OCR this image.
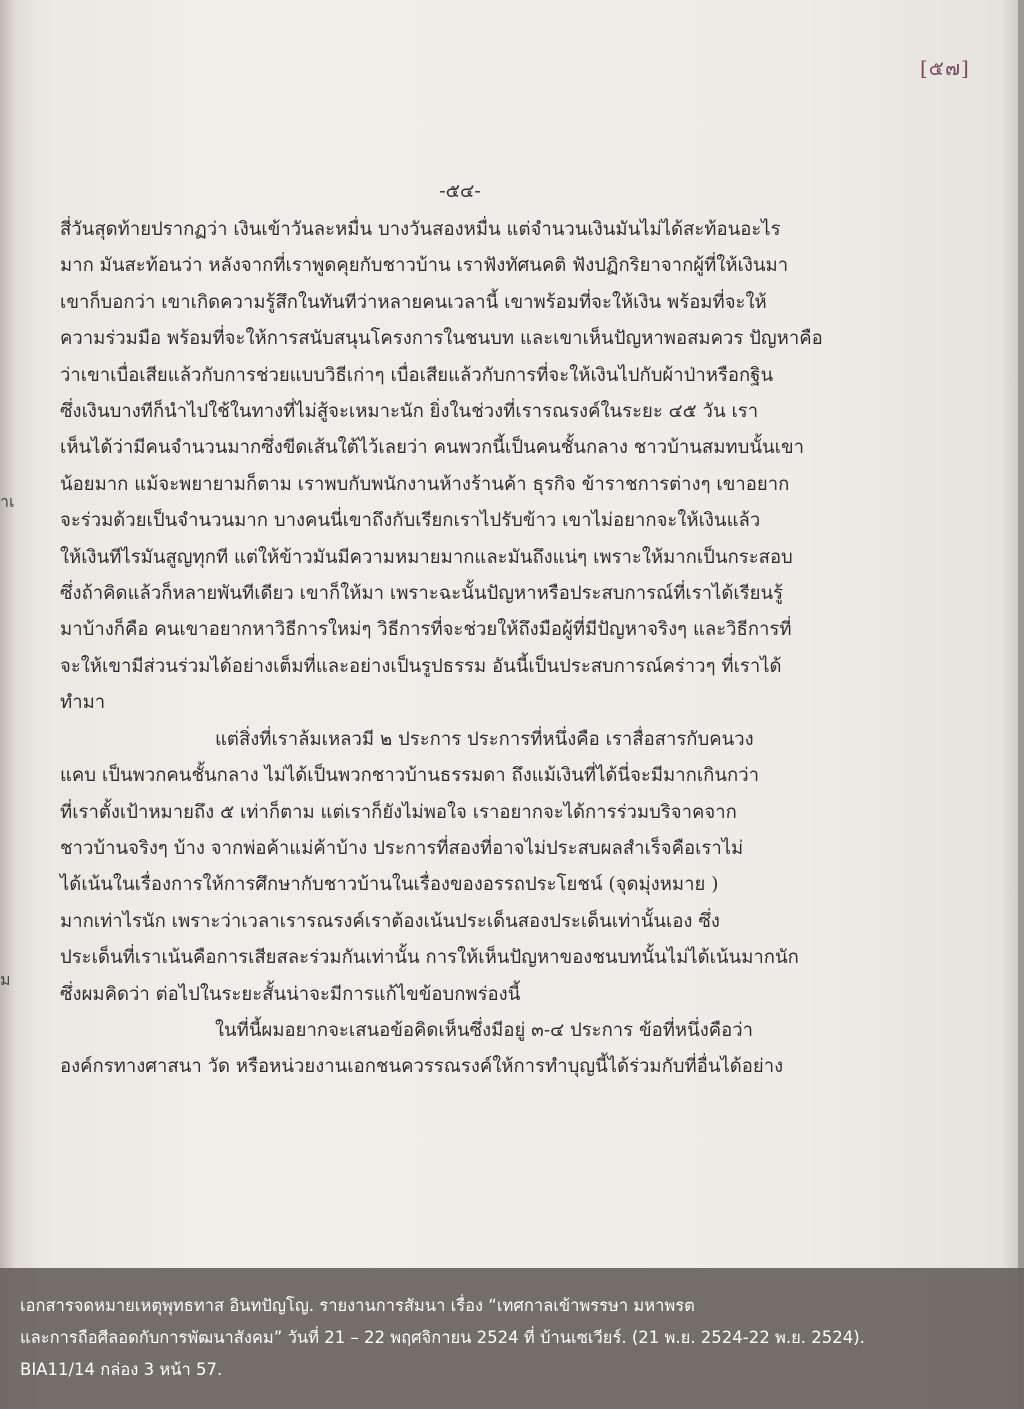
าเ
ม
[๕๗]
-๕๔-
สี่วันสุดท้ายปรากฏว่า เงินเข้าวันละหมื่น บางวันสองหมื่น แต่จำนวนเงินมันไม่ได้สะท้อนอะไร
มาก มันสะท้อนว่า หลังจากที่เราพูดคุยกับชาวบ้าน เราฟังทัศนคติ ฟังปฏิกริยาจากผู้ที่ให้เงินมา
เขาก็บอกว่า เขาเกิดความรู้สึกในทันทีว่าหลายคนเวลานี้ เขาพร้อมที่จะให้เงิน พร้อมที่จะให้
ความร่วมมือ พร้อมที่จะให้การสนับสนุนโครงการในชนบท และเขาเห็นปัญหาพอสมควร ปัญหาคือ
ว่าเขาเบื่อเสียแล้วกับการช่วยแบบวิธีเก่าๆ เบื่อเสียแล้วกับการที่จะให้เงินไปกับผ้าป่าหรือกฐิน
ซึ่งเงินบางทีก็นำไปใช้ในทางที่ไม่สู้จะเหมาะนัก ยิ่งในช่วงที่เรารณรงค์ในระยะ ๔๕ วัน เรา
เห็นได้ว่ามีคนจำนวนมากซึ่งขีดเส้นใต้ไว้เลยว่า คนพวกนี้เป็นคนชั้นกลาง ชาวบ้านสมทบนั้นเขา
น้อยมาก แม้จะพยายามก็ตาม เราพบกับพนักงานห้างร้านค้า ธุรกิจ ข้าราชการต่างๆ เขาอยาก
จะร่วมด้วยเป็นจำนวนมาก บางคนนี่เขาถึงกับเรียกเราไปรับข้าว เขาไม่อยากจะให้เงินแล้ว
ให้เงินทีไรมันสูญทุกที แต่ให้ข้าวมันมีความหมายมากและมันถึงแน่ๆ เพราะให้มากเป็นกระสอบ
ซึ่งถ้าคิดแล้วก็หลายพันทีเดียว เขาก็ให้มา เพราะฉะนั้นปัญหาหรือประสบการณ์ที่เราได้เรียนรู้
มาบ้างก็คือ คนเขาอยากหาวิธีการใหม่ๆ วิธีการที่จะช่วยให้ถึงมือผู้ที่มีปัญหาจริงๆ และวิธีการที่
จะให้เขามีส่วนร่วมได้อย่างเต็มที่และอย่างเป็นรูปธรรม อันนี้เป็นประสบการณ์คร่าวๆ ที่เราได้
ทำมา
แต่สิ่งที่เราล้มเหลวมี ๒ ประการ ประการที่หนึ่งคือ เราสื่อสารกับคนวง
แคบ เป็นพวกคนชั้นกลาง ไม่ได้เป็นพวกชาวบ้านธรรมดา ถึงแม้เงินที่ได้นี่จะมีมากเกินกว่า
ที่เราตั้งเป้าหมายถึง ๕ เท่าก็ตาม แต่เราก็ยังไม่พอใจ เราอยากจะได้การร่วมบริจาคจาก
ชาวบ้านจริงๆ บ้าง จากพ่อค้าแม่ค้าบ้าง ประการที่สองที่อาจไม่ประสบผลสำเร็จคือเราไม่
ได้เน้นในเรื่องการให้การศึกษากับชาวบ้านในเรื่องของอรรถประโยชน์ (จุดมุ่งหมาย )
มากเท่าไรนัก เพราะว่าเวลาเรารณรงค์เราต้องเน้นประเด็นสองประเด็นเท่านั้นเอง ซึ่ง
ประเด็นที่เราเน้นคือการเสียสละร่วมกันเท่านั้น การให้เห็นปัญหาของชนบทนั้นไม่ได้เน้นมากนัก
ซึ่งผมคิดว่า ต่อไปในระยะสั้นน่าจะมีการแก้ไขข้อบกพร่องนี้
ในที่นี้ผมอยากจะเสนอข้อคิดเห็นซึ่งมีอยู่ ๓-๔ ประการ ข้อที่หนึ่งคือว่า
องค์กรทางศาสนา วัด หรือหน่วยงานเอกชนควรรณรงค์ให้การทำบุญนี้ได้ร่วมกับที่อื่นได้อย่าง
เอกสารจดหมายเหตุพุทธทาส อินทปัญโญ. รายงานการสัมนา เรื่อง “เทศกาลเข้าพรรษา มหาพรต
และการถือศีลอดกับการพัฒนาสังคม” วันที่ 21 – 22 พฤศจิกายน 2524 ที่ บ้านเซเวียร์. (21 พ.ย. 2524-22 พ.ย. 2524).
BIA11/14 กล่อง 3 หน้า 57.
